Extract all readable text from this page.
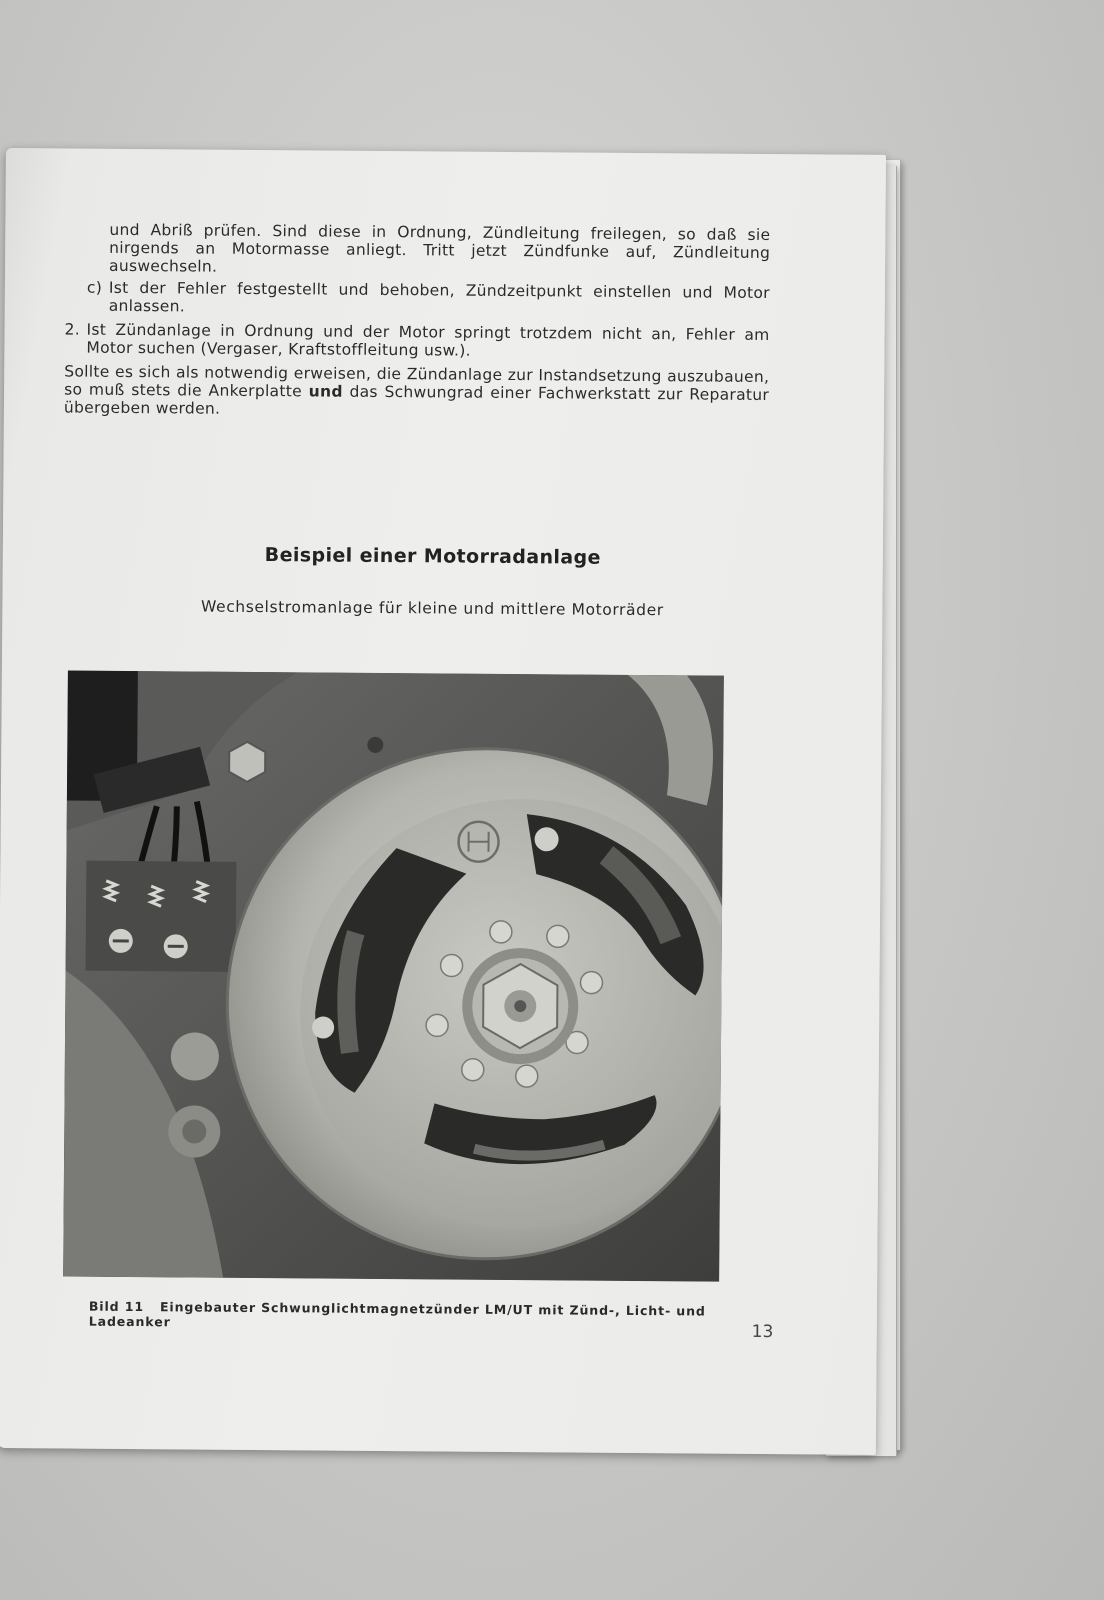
und Abriß prüfen. Sind diese in Ordnung, Zündleitung freilegen, so daß sie nirgends an Motormasse anliegt. Tritt jetzt Zündfunke auf, Zündleitung auswechseln.

c) Ist der Fehler festgestellt und behoben, Zündzeitpunkt einstellen und Motor anlassen.
2. Ist Zündanlage in Ordnung und der Motor springt trotzdem nicht an, Fehler am Motor suchen (Vergaser, Kraftstoffleitung usw.).

Sollte es sich als notwendig erweisen, die Zündanlage zur Instandsetzung auszubauen, so muß stets die Ankerplatte und das Schwungrad einer Fachwerkstatt zur Reparatur übergeben werden.

Beispiel einer Motorradanlage
Wechselstromanlage für kleine und mittlere Motorräder
Bild 11 Eingebauter Schwunglichtmagnetzünder LM/UT mit Zünd-, Licht- und Ladeanker
13
